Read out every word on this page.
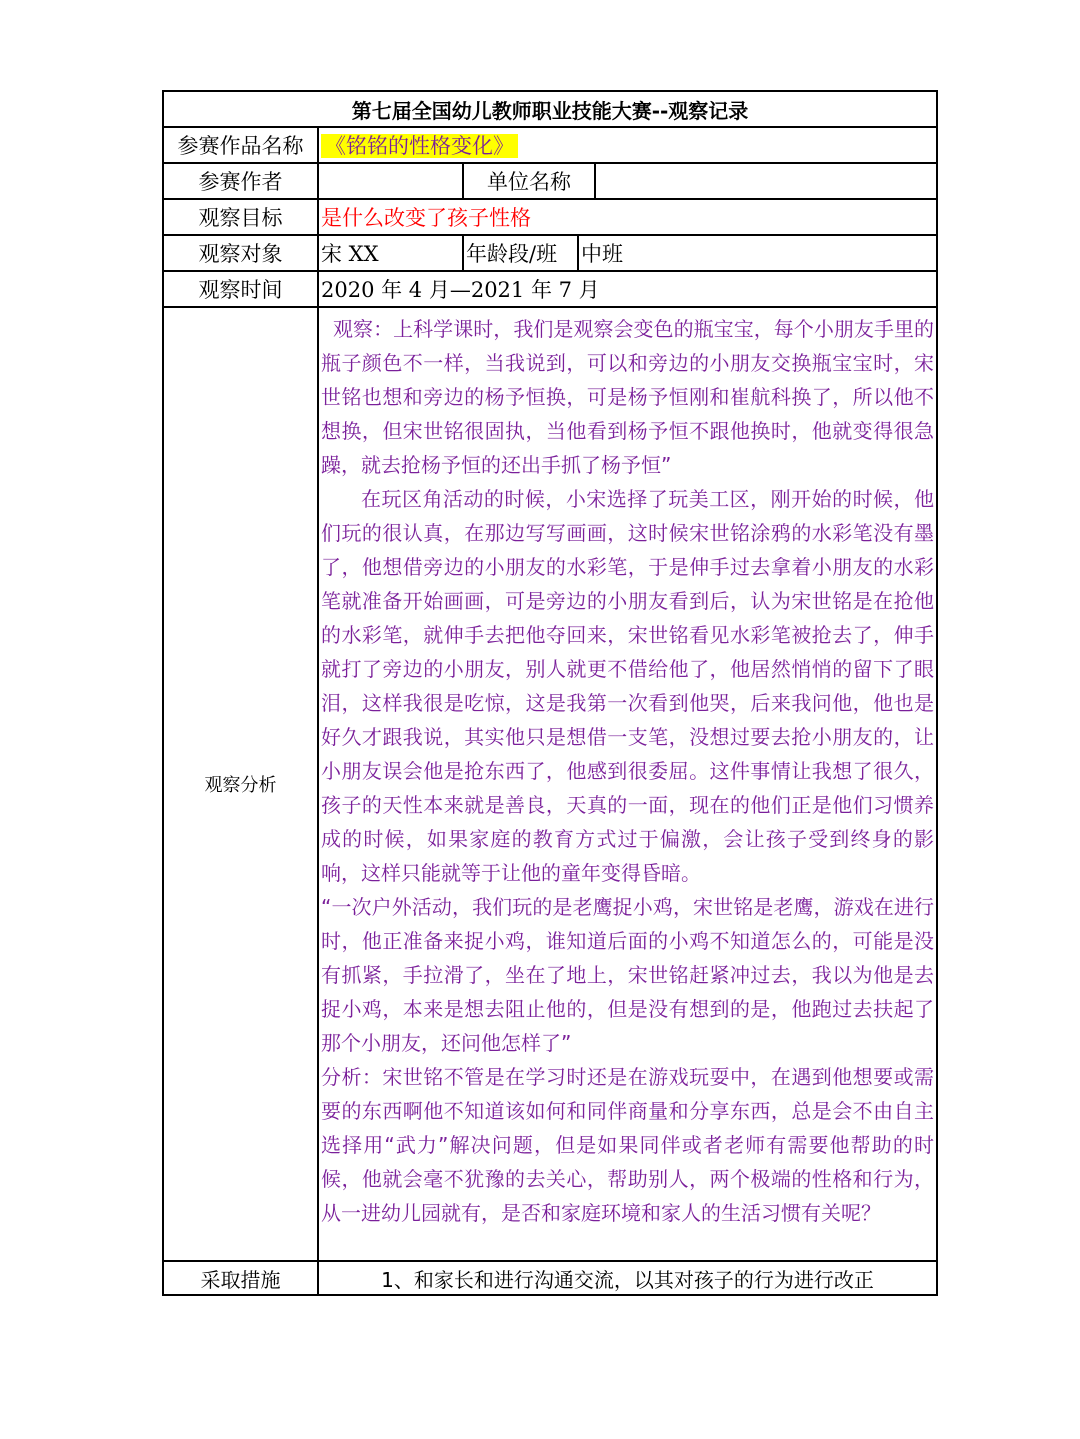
第七届全国幼儿教师职业技能大赛--观察记录				
参赛作品名称	《铭铭的性格变化》			
参赛作者		单位名称		
观察目标	是什么改变了孩子性格			
观察对象	宋 XX	年龄段/班	中班	
观察时间	2020 年 4 月—2021 年 7 月			
观察分析	观察：上科学课时，我们是观察会变色的瓶宝宝，每个小朋友手里的瓶子颜色不一样，当我说到，可以和旁边的小朋友交换瓶宝宝时，宋世铭也想和旁边的杨予恒换，可是杨予恒刚和崔航科换了，所以他不想换，但宋世铭很固执，当他看到杨予恒不跟他换时，他就变得很急躁，就去抢杨予恒的还出手抓了杨予恒”

在玩区角活动的时候，小宋选择了玩美工区，刚开始的时候，他们玩的很认真，在那边写写画画，这时候宋世铭涂鸦的水彩笔没有墨了，他想借旁边的小朋友的水彩笔，于是伸手过去拿着小朋友的水彩笔就准备开始画画，可是旁边的小朋友看到后，认为宋世铭是在抢他的水彩笔，就伸手去把他夺回来，宋世铭看见水彩笔被抢去了，伸手就打了旁边的小朋友，别人就更不借给他了，他居然悄悄的留下了眼泪，这样我很是吃惊，这是我第一次看到他哭，后来我问他，他也是好久才跟我说，其实他只是想借一支笔，没想过要去抢小朋友的，让小朋友误会他是抢东西了，他感到很委屈。这件事情让我想了很久，孩子的天性本来就是善良，天真的一面，现在的他们正是他们习惯养成的时候，如果家庭的教育方式过于偏激，会让孩子受到终身的影响，这样只能就等于让他的童年变得昏暗。

“一次户外活动，我们玩的是老鹰捉小鸡，宋世铭是老鹰，游戏在进行时，他正准备来捉小鸡，谁知道后面的小鸡不知道怎么的，可能是没有抓紧，手拉滑了，坐在了地上，宋世铭赶紧冲过去，我以为他是去捉小鸡，本来是想去阻止他的，但是没有想到的是，他跑过去扶起了那个小朋友，还问他怎样了”

分析：宋世铭不管是在学习时还是在游戏玩耍中，在遇到他想要或需要的东西啊他不知道该如何和同伴商量和分享东西，总是会不由自主选择用“武力”解决问题，但是如果同伴或者老师有需要他帮助的时候，他就会毫不犹豫的去关心，帮助别人，两个极端的性格和行为，从一进幼儿园就有，是否和家庭环境和家人的生活习惯有关呢？			

采取措施	1、和家长和进行沟通交流，以其对孩子的行为进行改正			
